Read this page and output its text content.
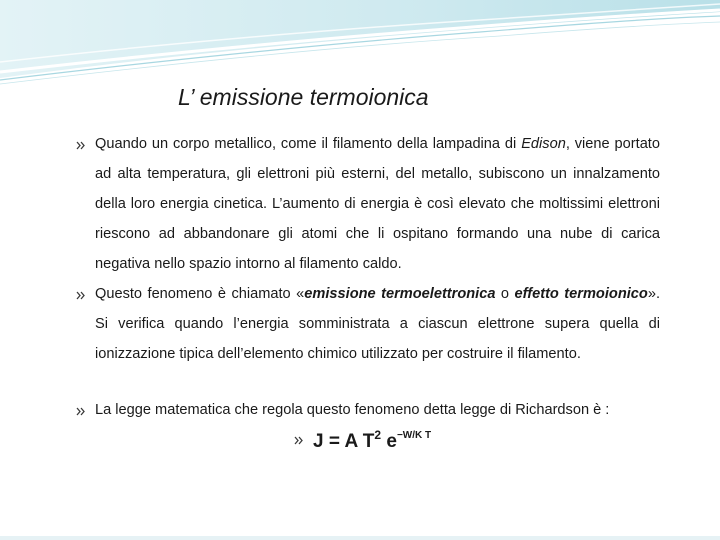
L’ emissione termoionica

Quando un corpo metallico, come il filamento della lampadina di Edison, viene portato ad alta temperatura, gli elettroni più esterni, del metallo, subiscono un innalzamento della loro energia cinetica. L’aumento di energia è così elevato che moltissimi elettroni riescono ad abbandonare gli atomi che li ospitano formando una nube di carica negativa nello spazio intorno al filamento caldo.

Questo fenomeno è chiamato «emissione termoelettronica o effetto termoionico». Si verifica quando l’energia somministrata a ciascun elettrone supera quella di ionizzazione tipica dell’elemento chimico utilizzato per costruire il filamento.

La legge matematica che regola questo fenomeno detta legge di Richardson è :

J = A $T^2$ $e^{-W/K T}$
